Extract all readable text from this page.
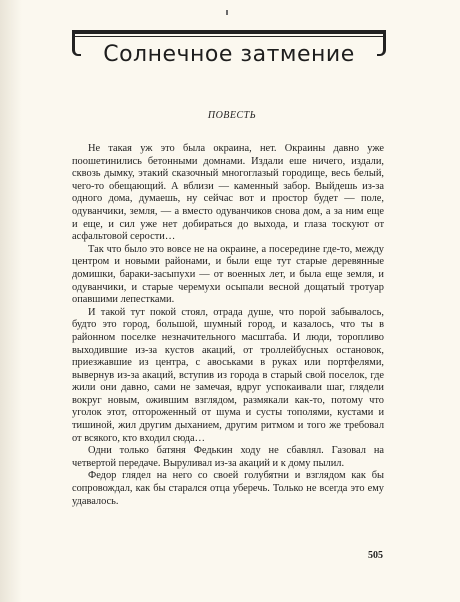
Солнечное затмение
ПОВЕСТЬ

Не такая уж это была окраина, нет. Окраины давно уже поошетинились бетонными домнами. Издали еше ничего, издали, сквозь дымку, этакий сказочный многоглазый городище, весь белый, чего-то обещающий. А вблизи — каменный забор. Выйдешь из-за одного дома, думаешь, ну сейчас вот и простор будет — поле, одуванчики, земля, — а вместо одуванчиков снова дом, а за ним еще и еще, и сил уже нет добираться до выхода, и глаза тоскуют от асфальтовой серости…

Так что было это вовсе не на окраине, а посередине где-то, между центром и новыми районами, и были еще тут старые деревянные домишки, бараки-засыпухи — от военных лет, и была еще земля, и одуванчики, и старые черемухи осыпали весной дощатый тротуар опавшими лепестками.

И такой тут покой стоял, отрада душе, что порой забывалось, будто это город, большой, шумный город, и казалось, что ты в районном поселке незначительного масштаба. И люди, торопливо выходившие из-за кустов акаций, от троллейбусных остановок, приезжавшие из центра, с авоськами в руках или портфелями, вывернув из-за акаций, вступив из города в старый свой поселок, где жили они давно, сами не замечая, вдруг успокаивали шаг, глядели вокруг новым, ожившим взглядом, размякали как-то, потому что уголок этот, отгороженный от шума и сусты тополями, кустами и тишиной, жил другим дыханием, другим ритмом и того же требовал от всякого, кто входил сюда…

Одни только батяня Федькин ходу не сбавлял. Газовал на четвертой передаче. Выруливал из-за акаций и к дому пылил.

Федор глядел на него со своей голубятни и взглядом как бы сопровождал, как бы старался отца уберечь. Только не всегда это ему удавалось.

505
